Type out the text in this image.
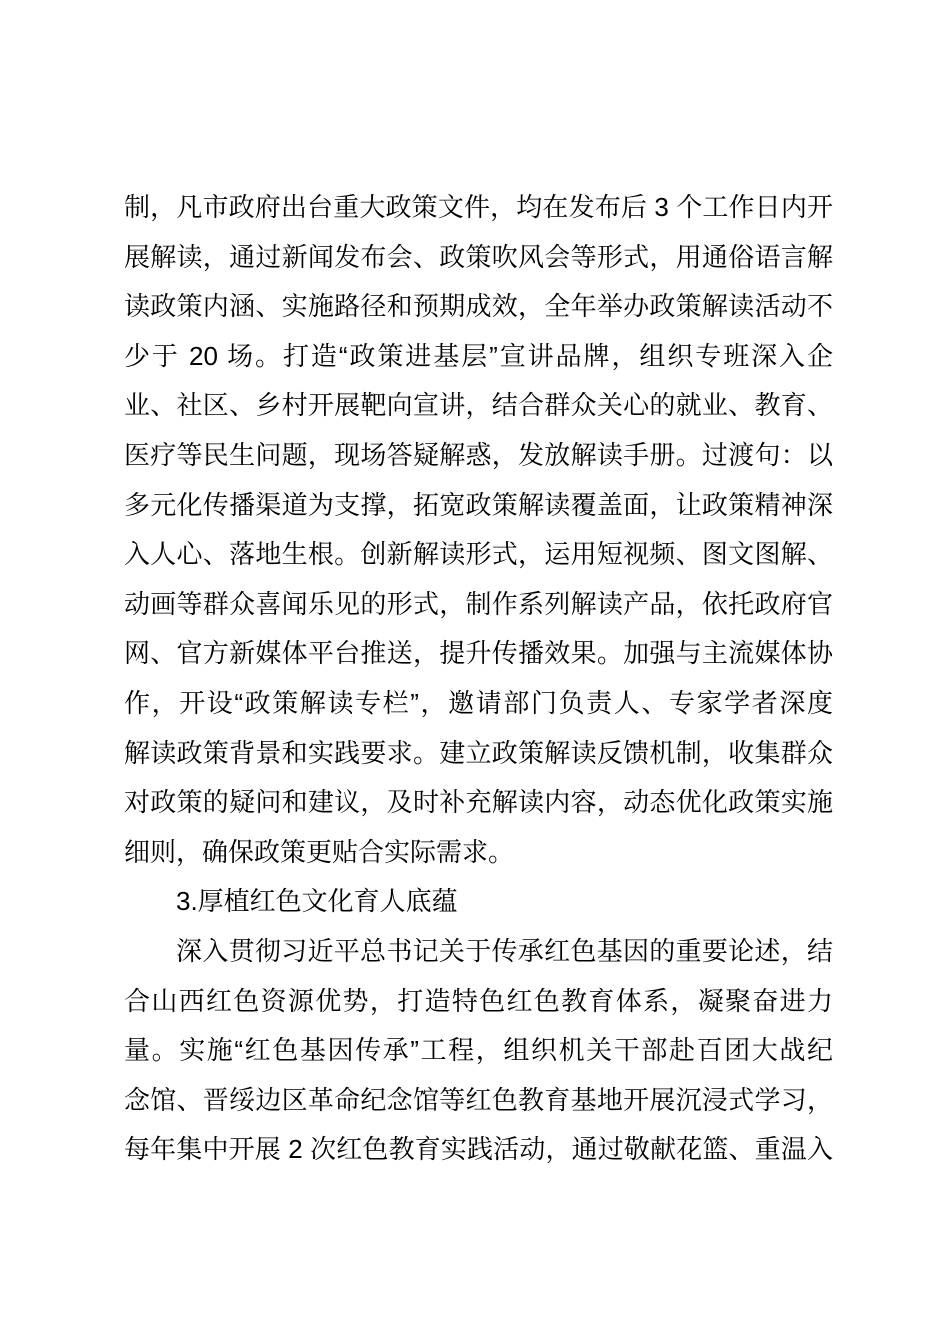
制，凡市政府出台重大政策文件，均在发布后 3 个工作日内开
展解读，通过新闻发布会、政策吹风会等形式，用通俗语言解
读政策内涵、实施路径和预期成效，全年举办政策解读活动不
少于 20 场。打造“政策进基层”宣讲品牌，组织专班深入企
业、社区、乡村开展靶向宣讲，结合群众关心的就业、教育、
医疗等民生问题，现场答疑解惑，发放解读手册。过渡句：以
多元化传播渠道为支撑，拓宽政策解读覆盖面，让政策精神深
入人心、落地生根。创新解读形式，运用短视频、图文图解、
动画等群众喜闻乐见的形式，制作系列解读产品，依托政府官
网、官方新媒体平台推送，提升传播效果。加强与主流媒体协
作，开设“政策解读专栏”，邀请部门负责人、专家学者深度
解读政策背景和实践要求。建立政策解读反馈机制，收集群众
对政策的疑问和建议，及时补充解读内容，动态优化政策实施
细则，确保政策更贴合实际需求。
3.厚植红色文化育人底蕴
深入贯彻习近平总书记关于传承红色基因的重要论述，结
合山西红色资源优势，打造特色红色教育体系，凝聚奋进力
量。实施“红色基因传承”工程，组织机关干部赴百团大战纪
念馆、晋绥边区革命纪念馆等红色教育基地开展沉浸式学习，
每年集中开展 2 次红色教育实践活动，通过敬献花篮、重温入
